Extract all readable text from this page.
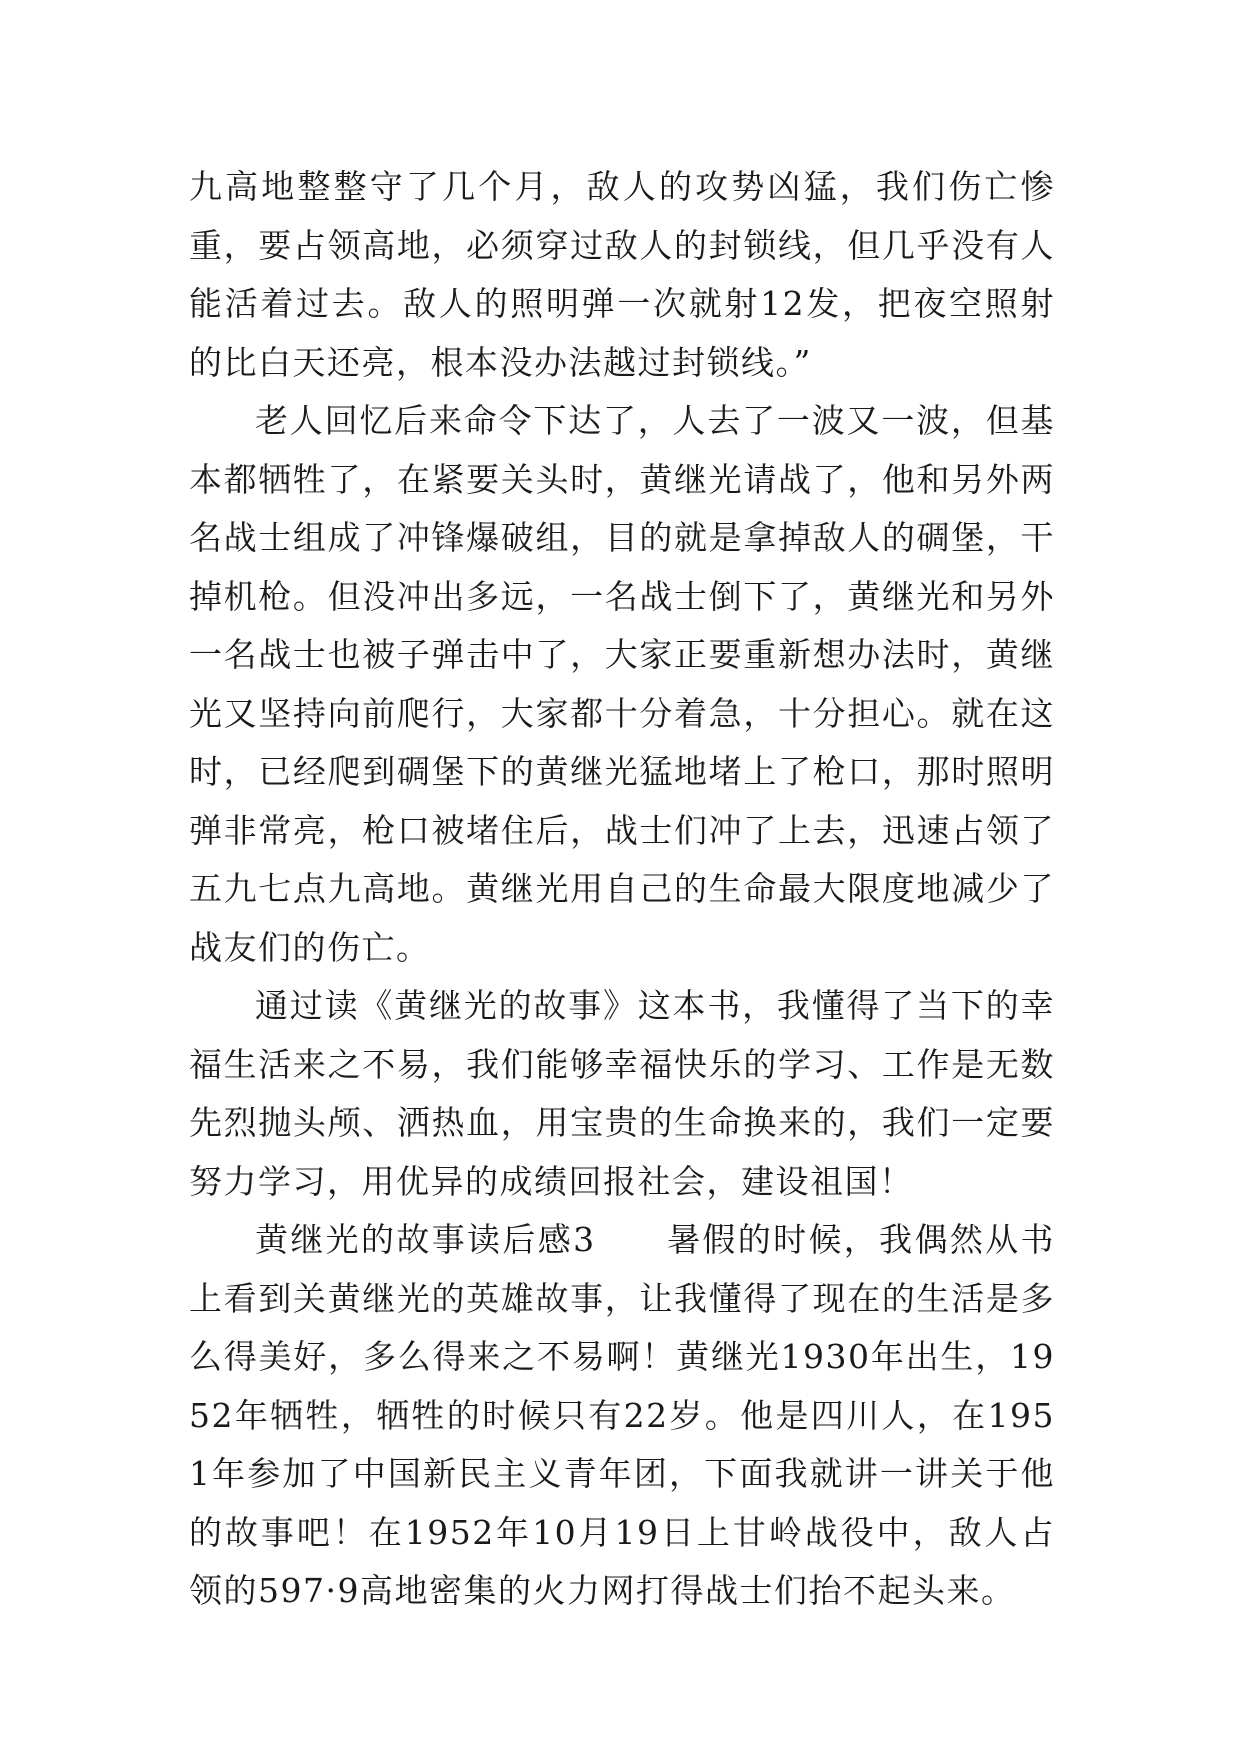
九高地整整守了几个月，敌人的攻势凶猛，我们伤亡惨重，要占领高地，必须穿过敌人的封锁线，但几乎没有人能活着过去。敌人的照明弹一次就射12发，把夜空照射的比白天还亮，根本没办法越过封锁线。”

老人回忆后来命令下达了，人去了一波又一波，但基本都牺牲了，在紧要关头时，黄继光请战了，他和另外两名战士组成了冲锋爆破组，目的就是拿掉敌人的碉堡，干掉机枪。但没冲出多远，一名战士倒下了，黄继光和另外一名战士也被子弹击中了，大家正要重新想办法时，黄继光又坚持向前爬行，大家都十分着急，十分担心。就在这时，已经爬到碉堡下的黄继光猛地堵上了枪口，那时照明弹非常亮，枪口被堵住后，战士们冲了上去，迅速占领了五九七点九高地。黄继光用自己的生命最大限度地减少了战友们的伤亡。

通过读《黄继光的故事》这本书，我懂得了当下的幸福生活来之不易，我们能够幸福快乐的学习、工作是无数先烈抛头颅、洒热血，用宝贵的生命换来的，我们一定要努力学习，用优异的成绩回报社会，建设祖国！

黄继光的故事读后感3　　暑假的时候，我偶然从书上看到关黄继光的英雄故事，让我懂得了现在的生活是多么得美好，多么得来之不易啊！黄继光1930年出生，1952年牺牲，牺牲的时候只有22岁。他是四川人，在1951年参加了中国新民主义青年团，下面我就讲一讲关于他的故事吧！在1952年10月19日上甘岭战役中，敌人占领的597·9高地密集的火力网打得战士们抬不起头来。
